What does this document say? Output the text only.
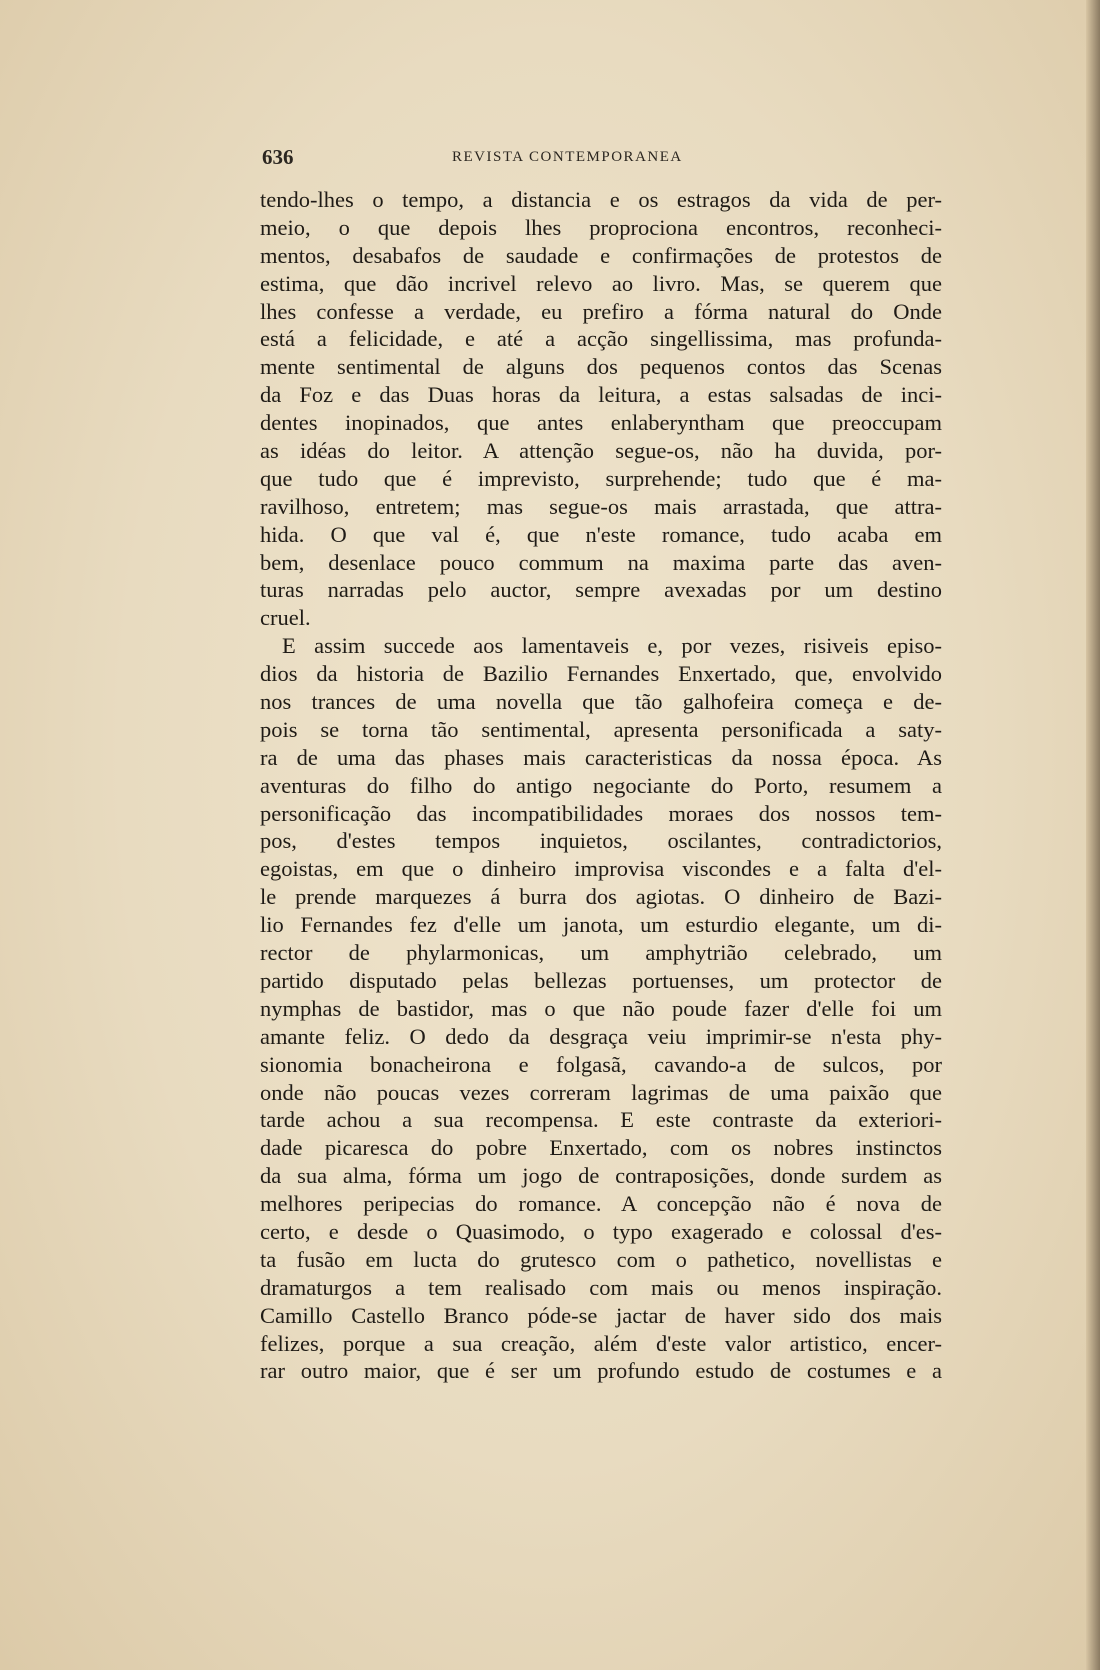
636	REVISTA CONTEMPORANEA
tendo-lhes o tempo, a distancia e os estragos da vida de per-
meio, o que depois lhes proprociona encontros, reconheci-
mentos, desabafos de saudade e confirmações de protestos de
estima, que dão incrivel relevo ao livro. Mas, se querem que
lhes confesse a verdade, eu prefiro a fórma natural do Onde
está a felicidade, e até a acção singellissima, mas profunda-
mente sentimental de alguns dos pequenos contos das Scenas
da Foz e das Duas horas da leitura, a estas salsadas de inci-
dentes inopinados, que antes enlaberyntham que preoccupam
as idéas do leitor. A attenção segue-os, não ha duvida, por-
que tudo que é imprevisto, surprehende; tudo que é ma-
ravilhoso, entretem; mas segue-os mais arrastada, que attra-
hida. O que val é, que n'este romance, tudo acaba em
bem, desenlace pouco commum na maxima parte das aven-
turas narradas pelo auctor, sempre avexadas por um destino
cruel.
E assim succede aos lamentaveis e, por vezes, risiveis episo-
dios da historia de Bazilio Fernandes Enxertado, que, envolvido
nos trances de uma novella que tão galhofeira começa e de-
pois se torna tão sentimental, apresenta personificada a saty-
ra de uma das phases mais caracteristicas da nossa época. As
aventuras do filho do antigo negociante do Porto, resumem a
personificação das incompatibilidades moraes dos nossos tem-
pos, d'estes tempos inquietos, oscilantes, contradictorios,
egoistas, em que o dinheiro improvisa viscondes e a falta d'el-
le prende marquezes á burra dos agiotas. O dinheiro de Bazi-
lio Fernandes fez d'elle um janota, um esturdio elegante, um di-
rector de phylarmonicas, um amphytrião celebrado, um
partido disputado pelas bellezas portuenses, um protector de
nymphas de bastidor, mas o que não poude fazer d'elle foi um
amante feliz. O dedo da desgraça veiu imprimir-se n'esta phy-
sionomia bonacheirona e folgasã, cavando-a de sulcos, por
onde não poucas vezes correram lagrimas de uma paixão que
tarde achou a sua recompensa. E este contraste da exteriori-
dade picaresca do pobre Enxertado, com os nobres instinctos
da sua alma, fórma um jogo de contraposições, donde surdem as
melhores peripecias do romance. A concepção não é nova de
certo, e desde o Quasimodo, o typo exagerado e colossal d'es-
ta fusão em lucta do grutesco com o pathetico, novellistas e
dramaturgos a tem realisado com mais ou menos inspiração.
Camillo Castello Branco póde-se jactar de haver sido dos mais
felizes, porque a sua creação, além d'este valor artistico, encer-
rar outro maior, que é ser um profundo estudo de costumes e a
